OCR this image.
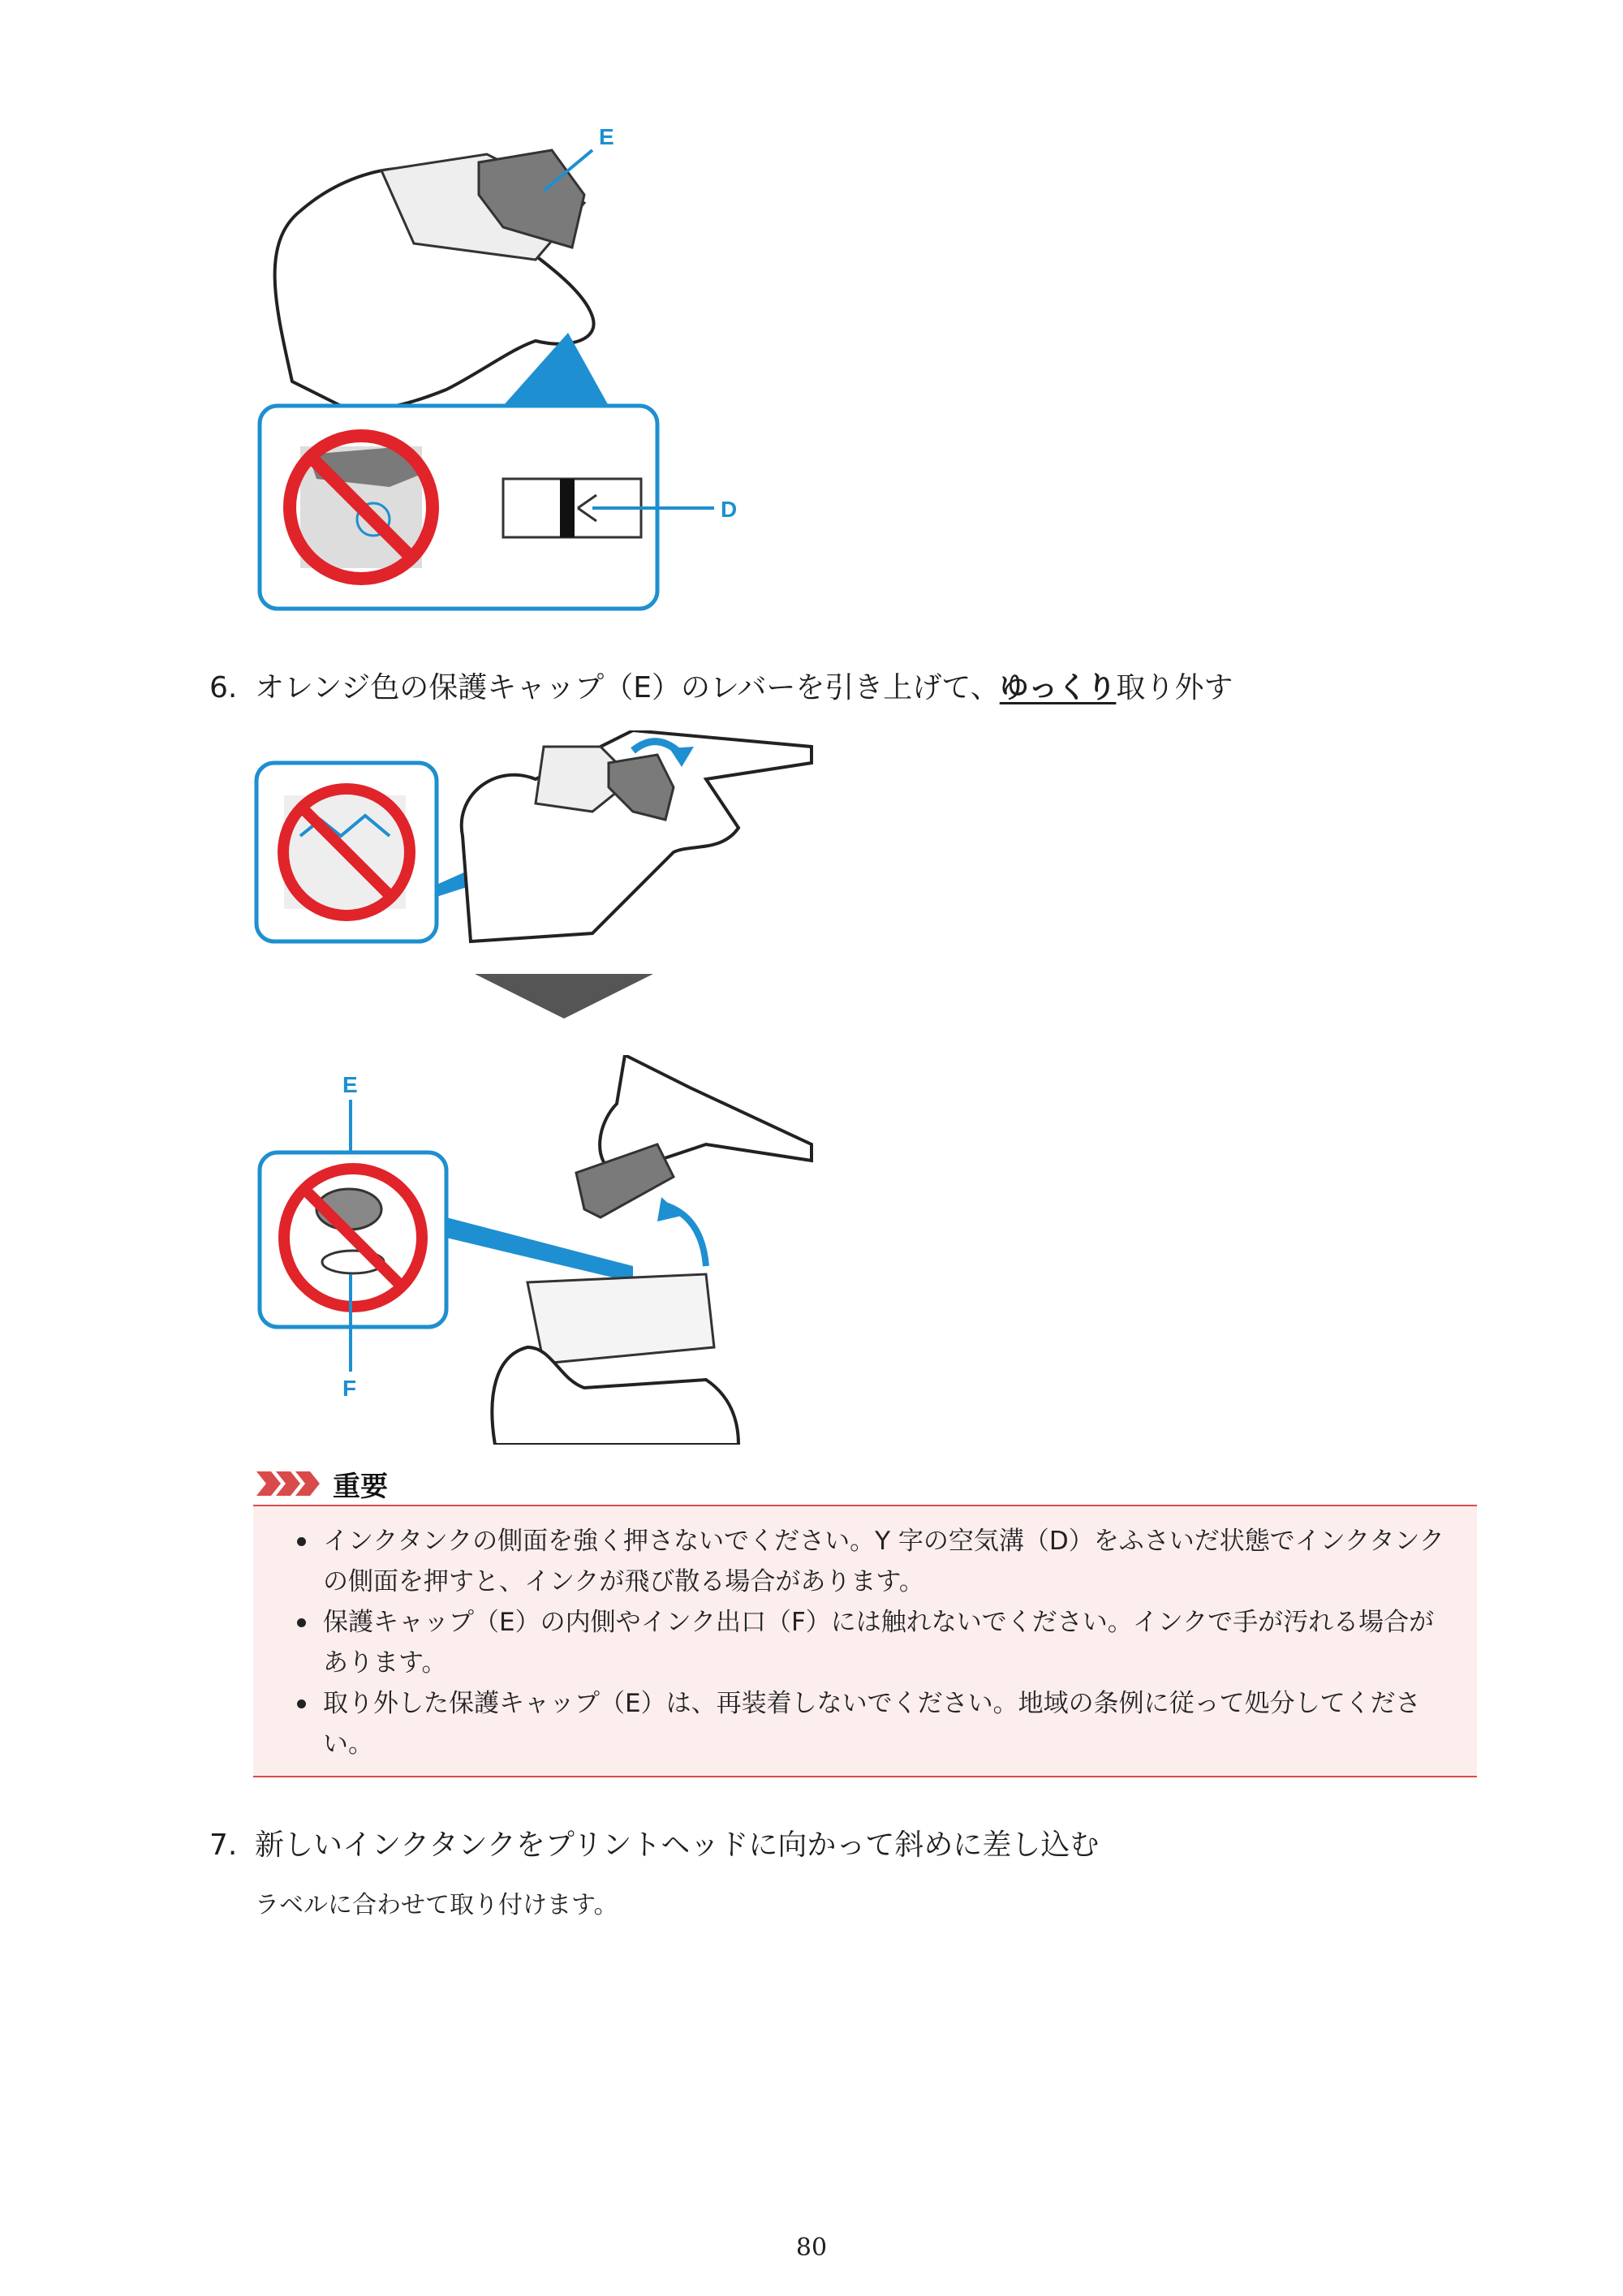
E
D
6. オレンジ色の保護キャップ（E）のレバーを引き上げて、ゆっくり取り外す
E
F
重要
インクタンクの側面を強く押さないでください。Y 字の空気溝（D）をふさいだ状態でインクタンクの側面を押すと、インクが飛び散る場合があります。
保護キャップ（E）の内側やインク出口（F）には触れないでください。インクで手が汚れる場合があります。
取り外した保護キャップ（E）は、再装着しないでください。地域の条例に従って処分してください。
7. 新しいインクタンクをプリントヘッドに向かって斜めに差し込む
ラベルに合わせて取り付けます。
80
